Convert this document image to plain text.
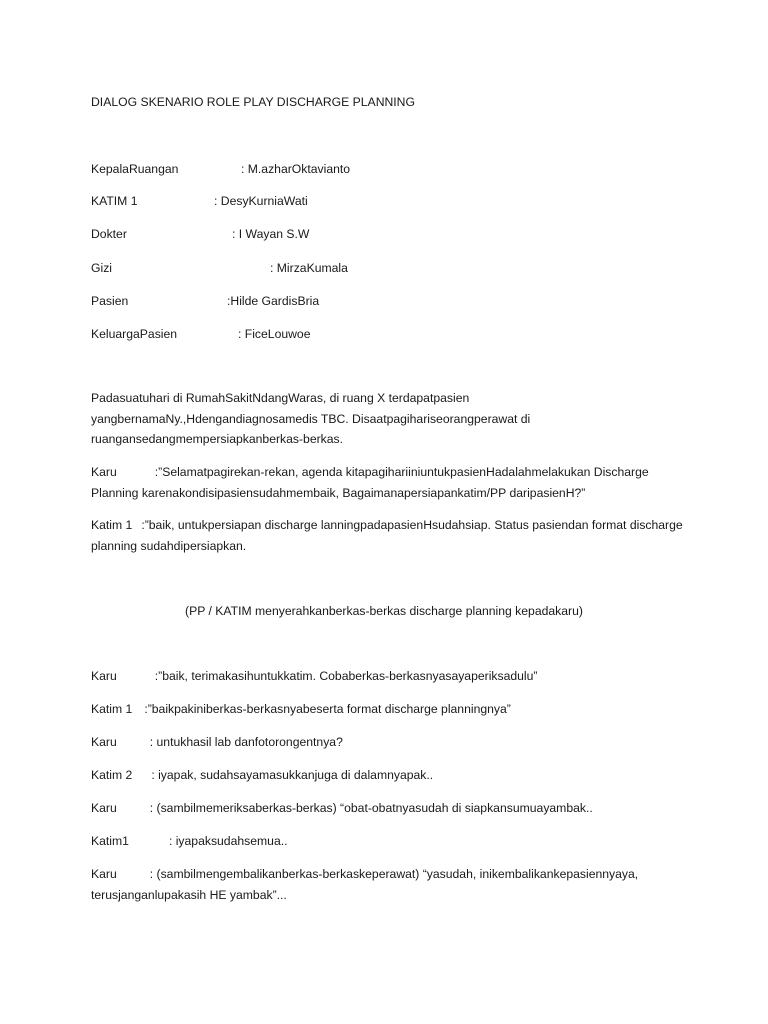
DIALOG SKENARIO ROLE PLAY DISCHARGE PLANNING
KepalaRuangan	: M.azharOktavianto
KATIM 1	: DesyKurniaWati
Dokter	: I Wayan S.W
Gizi	: MirzaKumala
Pasien	:Hilde GardisBria
KeluargaPasien	: FiceLouwoe
Padasuatuhari di RumahSakitNdangWaras, di ruang X terdapatpasien yangbernamaNy.,Hdengandiagnosamedis TBC. Disaatpagihariseorangperawat di ruangansedangmempersiapkanberkas-berkas.
Karu	:”Selamatpagirekan-rekan, agenda kitapagihariiniuntukpasienHadalahmelakukan Discharge Planning karenakondisipasiensudahmembaik, Bagaimanapersiapankatim/PP daripasienH?”
Katim 1 :”baik, untukpersiapan discharge lanningpadapasienHsudahsiap. Status pasiendan format discharge planning sudahdipersiapkan.
(PP / KATIM menyerahkanberkas-berkas discharge planning kepadakaru)
Karu	:”baik, terimakasihuntukkatim. Cobaberkas-berkasnyasayaperiksadulu”
Katim 1 :”baikpakiniberkas-berkasnyabeserta format discharge planningnya”
Karu	: untukhasil lab danfotorongentnya?
Katim 2 : iyapak, sudahsayamasukkanjuga di dalamnyapak..
Karu	: (sambilmemeriksaberkas-berkas) “obat-obatnyasudah di siapkansumuayambak..
Katim1	: iyapaksudahsemua..
Karu	: (sambilmengembalikanberkas-berkaskeperawat) “yasudah, inikembalikankepasiennyaya, terusjanganlupakasih HE yambak”...
